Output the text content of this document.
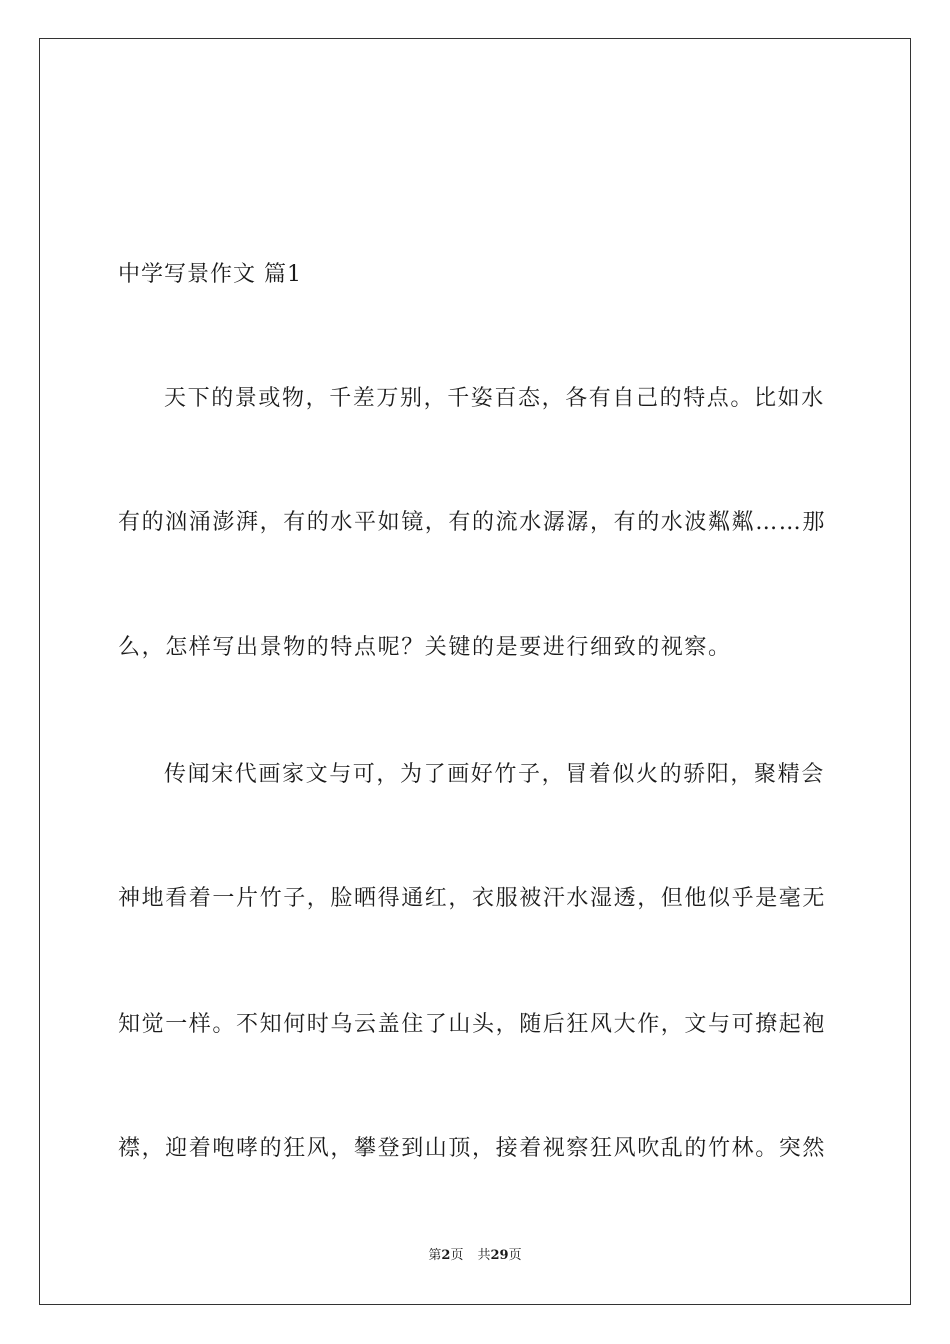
中学写景作文 篇1
天下的景或物，千差万别，千姿百态，各有自己的特点。比如水
有的汹涌澎湃，有的水平如镜，有的流水潺潺，有的水波粼粼……那
么，怎样写出景物的特点呢？关键的是要进行细致的视察。
传闻宋代画家文与可，为了画好竹子，冒着似火的骄阳，聚精会
神地看着一片竹子，脸晒得通红，衣服被汗水湿透，但他似乎是毫无
知觉一样。不知何时乌云盖住了山头，随后狂风大作，文与可撩起袍
襟，迎着咆哮的狂风，攀登到山顶，接着视察狂风吹乱的竹林。突然
第2页 共29页
